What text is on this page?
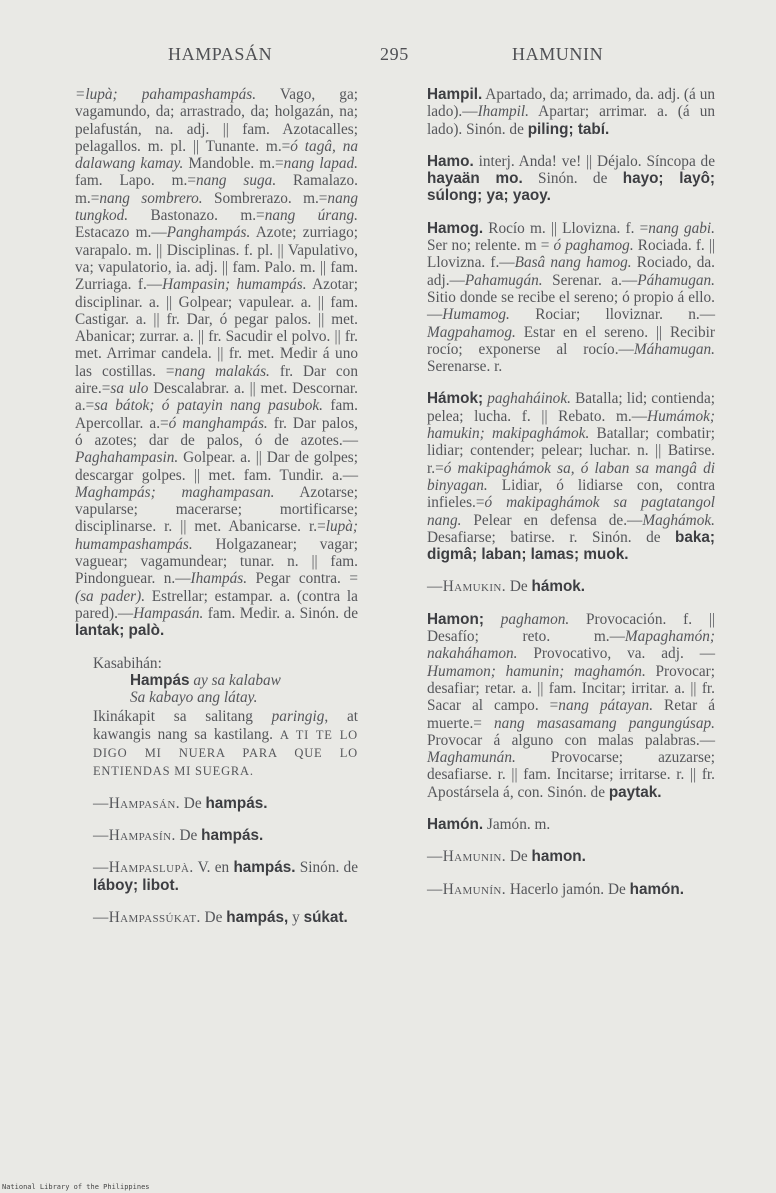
HAMPASÁN	295	HAMUNIN

=lupà; pahampashampás. Vago, ga; vagamundo, da; arrastrado, da; holgazán, na; pelafustán, na. adj. || fam. Azotacalles; pelagallos. m. pl. || Tunante. m.=ó tagâ, na dalawang kamay. Mandoble. m.=nang lapad. fam. Lapo. m.=nang suga. Ramalazo. m.=nang sombrero. Sombrerazo. m.=nang tungkod. Bastonazo. m.=nang úrang. Estacazo m.—Panghampás. Azote; zurriago; varapalo. m. || Disciplinas. f. pl. || Vapulativo, va; vapulatorio, ia. adj. || fam. Palo. m. || fam. Zurriaga. f.—Hampasin; humampás. Azotar; disciplinar. a. || Golpear; vapulear. a. || fam. Castigar. a. || fr. Dar, ó pegar palos. || met. Abanicar; zurrar. a. || fr. Sacudir el polvo. || fr. met. Arrimar candela. || fr. met. Medir á uno las costillas. =nang malakás. fr. Dar con aire.=sa ulo Descalabrar. a. || met. Descornar. a.=sa bátok; ó patayin nang pasubok. fam. Apercollar. a.=ó manghampás. fr. Dar palos, ó azotes; dar de palos, ó de azotes.—Paghahampasin. Golpear. a. || Dar de golpes; descargar golpes. || met. fam. Tundir. a.—Maghampás; maghampasan. Azotarse; vapularse; macerarse; mortificarse; disciplinarse. r. || met. Abanicarse. r.=lupà; humampashampás. Holgazanear; vagar; vaguear; vagamundear; tunar. n. || fam. Pindonguear. n.—Ihampás. Pegar contra. =(sa pader). Estrellar; estampar. a. (contra la pared).—Hampasán. fam. Medir. a. Sinón. de lantak; palò.

Kasabihán:

Hampás ay sa kalabaw

Sa kabayo ang látay.

Ikinákapit sa salitang paringig, at kawangis nang sa kastilang. A TI TE LO DIGO MI NUERA PARA QUE LO ENTIENDAS MI SUEGRA.

—Hampasán. De hampás.

—Hampasín. De hampás.

—Hampaslupà. V. en hampás. Sinón. de láboy; libot.

—Hampassúkat. De hampás, y súkat.

Hampil. Apartado, da; arrimado, da. adj. (á un lado).—Ihampil. Apartar; arrimar. a. (á un lado). Sinón. de piling; tabí.

Hamo. interj. Anda! ve! || Déjalo. Síncopa de hayaän mo. Sinón. de hayo; layô; súlong; ya; yaoy.

Hamog. Rocío m. || Llovizna. f. =nang gabi. Ser no; relente. m = ó paghamog. Rociada. f. || Llovizna. f.—Basâ nang hamog. Rociado, da. adj.—Pahamugán. Serenar. a.—Páhamugan. Sitio donde se recibe el sereno; ó propio á ello.—Humamog. Rociar; lloviznar. n.—Magpahamog. Estar en el sereno. || Recibir rocío; exponerse al rocío.—Máhamugan. Serenarse. r.

Hámok; paghaháinok. Batalla; lid; contienda; pelea; lucha. f. || Rebato. m.—Humámok; hamukin; makipaghámok. Batallar; combatir; lidiar; contender; pelear; luchar. n. || Batirse. r.=ó makipaghámok sa, ó laban sa mangâ di binyagan. Lidiar, ó lidiarse con, contra infieles.=ó makipaghámok sa pagtatangol nang. Pelear en defensa de.—Maghámok. Desafiarse; batirse. r. Sinón. de baka; digmâ; laban; lamas; muok.

—Hamukin. De hámok.

Hamon; paghamon. Provocación. f. || Desafío; reto. m.—Mapaghamón; nakaháhamon. Provocativo, va. adj. —Humamon; hamunin; maghamón. Provocar; desafiar; retar. a. || fam. Incitar; irritar. a. || fr. Sacar al campo. =nang pátayan. Retar á muerte.= nang masasamang pangungúsap. Provocar á alguno con malas palabras.—Maghamunán. Provocarse; azuzarse; desafiarse. r. || fam. Incitarse; irritarse. r. || fr. Apostársela á, con. Sinón. de paytak.

Hamón. Jamón. m.

—Hamunin. De hamon.

—Hamunín. Hacerlo jamón. De hamón.

National Library of the Philippines
